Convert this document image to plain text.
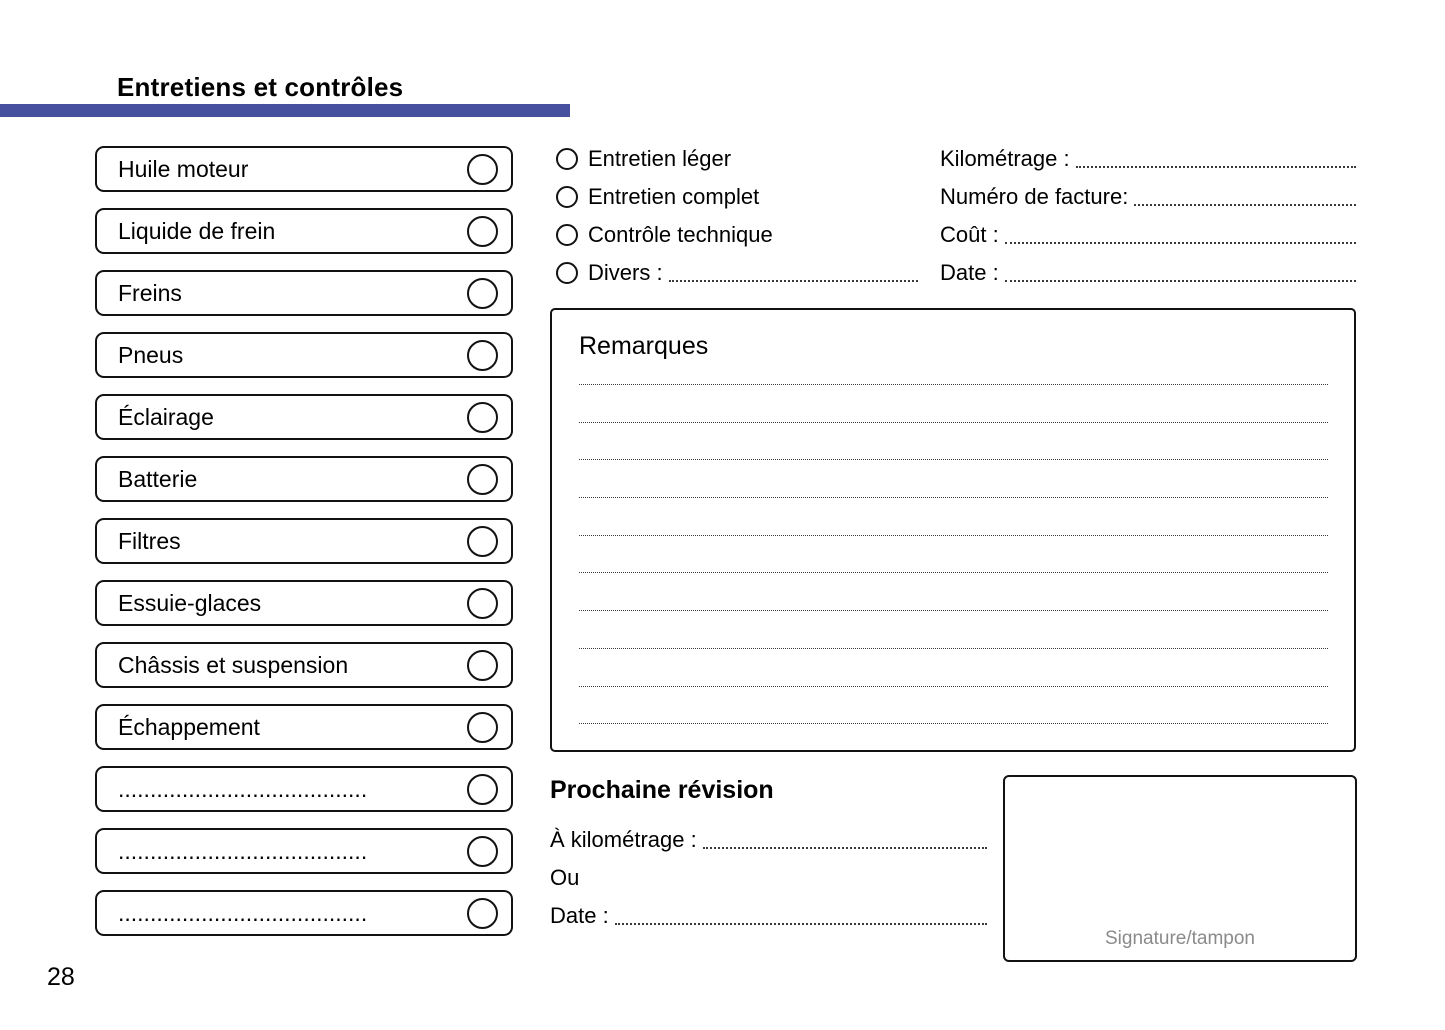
Entretiens et contrôles
Huile moteur
Liquide de frein
Freins
Pneus
Éclairage
Batterie
Filtres
Essuie-glaces
Châssis et suspension
Échappement
.......................................
.......................................
.......................................
Entretien léger
Entretien complet
Contrôle technique
Divers :
Kilométrage :
Numéro de facture:
Coût :
Date :
Remarques
Prochaine révision
À kilométrage :
Ou
Date :
Signature/tampon
28
